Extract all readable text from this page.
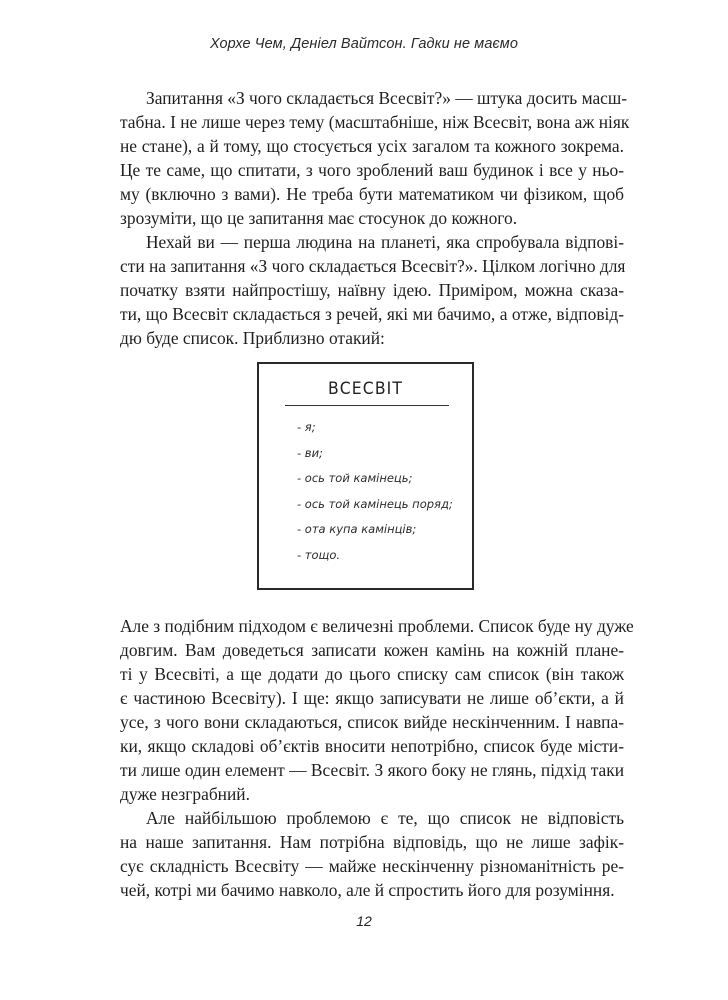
Хорхе Чем, Деніел Вайтсон. Гадки не маємо
Запитання «З чого складається Всесвіт?» — штука досить масш-
табна. І не лише через тему (масштабніше, ніж Всесвіт, вона аж ніяк
не стане), а й тому, що стосується усіх загалом та кожного зокрема.
Це те саме, що спитати, з чого зроблений ваш будинок і все у ньо-
му (включно з вами). Не треба бути математиком чи фізиком, щоб
зрозуміти, що це запитання має стосунок до кожного.
Нехай ви — перша людина на планеті, яка спробувала відпові-
сти на запитання «З чого складається Всесвіт?». Цілком логічно для
початку взяти найпростішу, наївну ідею. Приміром, можна сказа-
ти, що Всесвіт складається з речей, які ми бачимо, а отже, відповід-
дю буде список. Приблизно отакий:
ВСЕСВІТ
- я;
- ви;
- ось той камінець;
- ось той камінець поряд;
- ота купа камінців;
- тощо.
Але з подібним підходом є величезні проблеми. Список буде ну дуже
довгим. Вам доведеться записати кожен камінь на кожній плане-
ті у Всесвіті, а ще додати до цього списку сам список (він також
є частиною Всесвіту). І ще: якщо записувати не лише об’єкти, а й
усе, з чого вони складаються, список вийде нескінченним. І навпа-
ки, якщо складові об’єктів вносити непотрібно, список буде місти-
ти лише один елемент — Всесвіт. З якого боку не глянь, підхід таки
дуже незграбний.
Але найбільшою проблемою є те, що список не відповість
на наше запитання. Нам потрібна відповідь, що не лише зафік-
сує складність Всесвіту — майже нескінченну різноманітність ре-
чей, котрі ми бачимо навколо, але й спростить його для розуміння.
12
